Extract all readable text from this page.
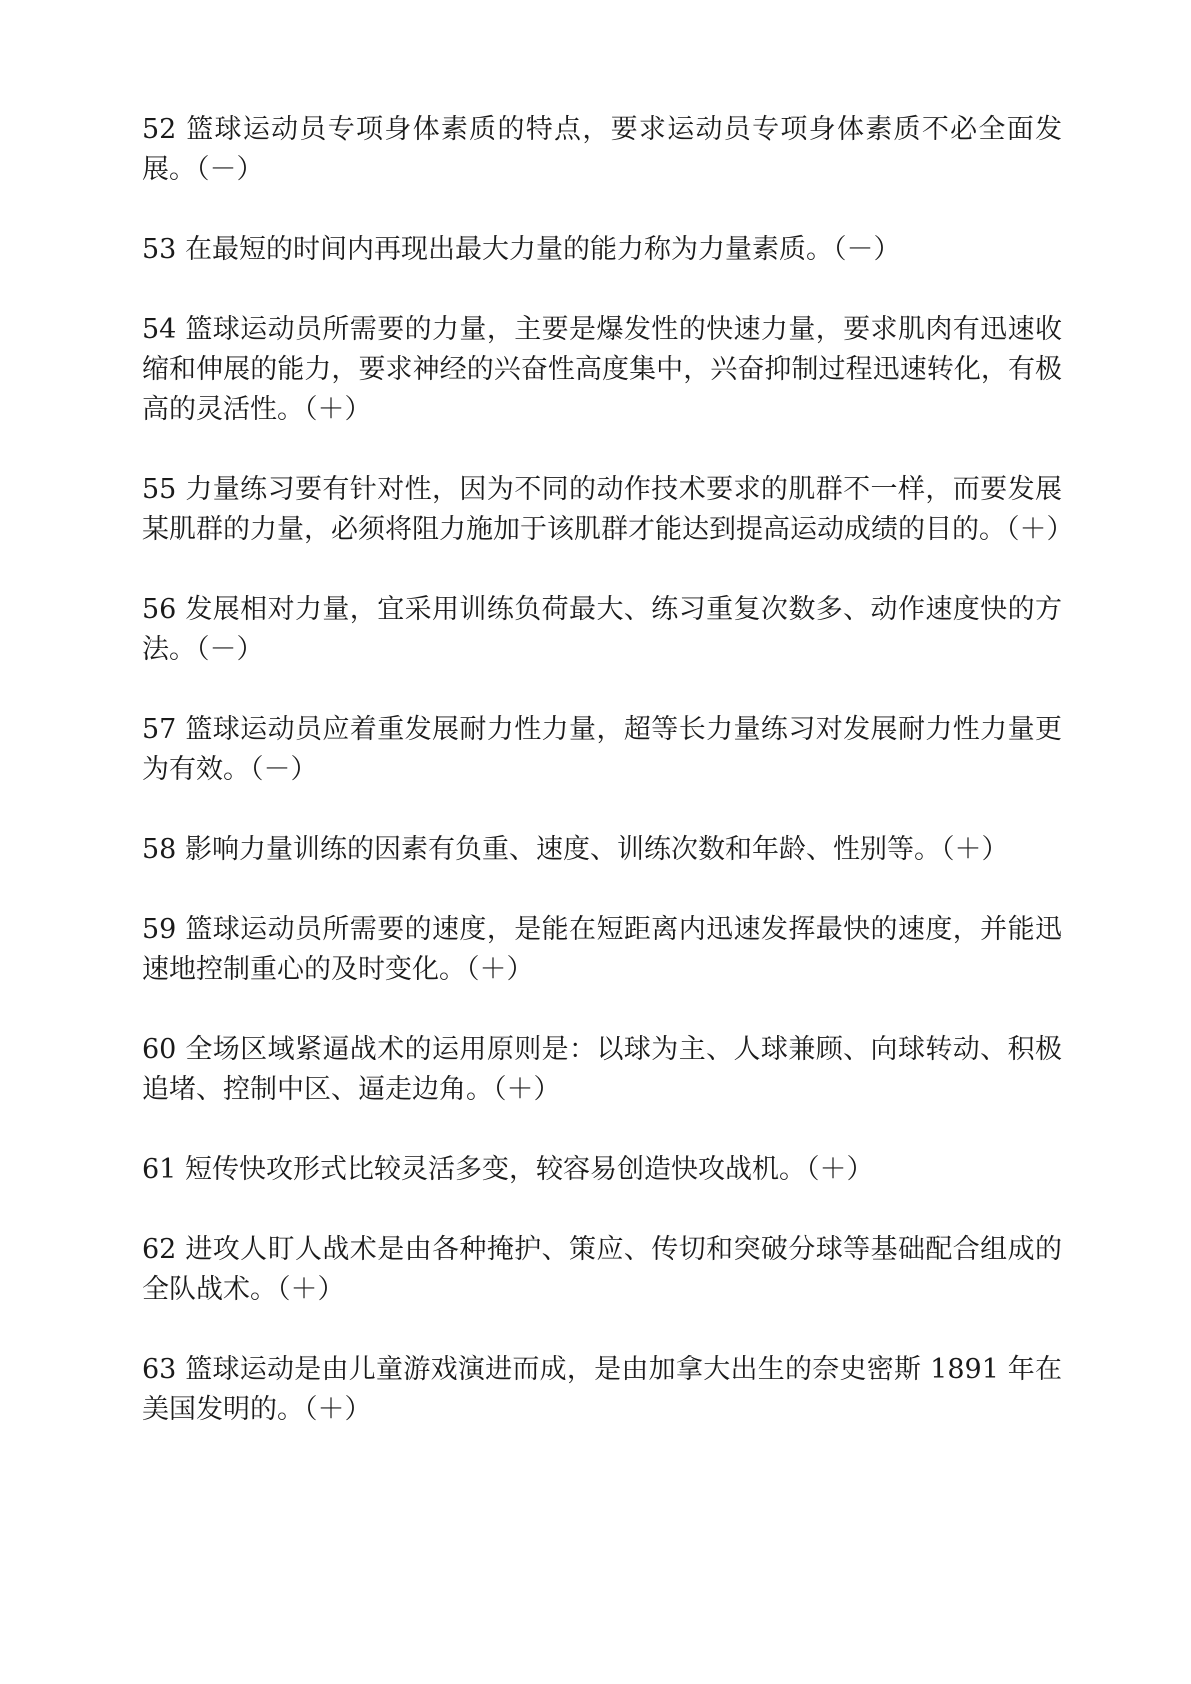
52 篮球运动员专项身体素质的特点，要求运动员专项身体素质不必全面发展。（－）

53 在最短的时间内再现出最大力量的能力称为力量素质。（－）

54 篮球运动员所需要的力量，主要是爆发性的快速力量，要求肌肉有迅速收缩和伸展的能力，要求神经的兴奋性高度集中，兴奋抑制过程迅速转化，有极高的灵活性。（＋）

55 力量练习要有针对性，因为不同的动作技术要求的肌群不一样，而要发展某肌群的力量，必须将阻力施加于该肌群才能达到提高运动成绩的目的。（＋）

56 发展相对力量，宜采用训练负荷最大、练习重复次数多、动作速度快的方法。（－）

57 篮球运动员应着重发展耐力性力量，超等长力量练习对发展耐力性力量更为有效。（－）

58 影响力量训练的因素有负重、速度、训练次数和年龄、性别等。（＋）

59 篮球运动员所需要的速度，是能在短距离内迅速发挥最快的速度，并能迅速地控制重心的及时变化。（＋）

60 全场区域紧逼战术的运用原则是：以球为主、人球兼顾、向球转动、积极追堵、控制中区、逼走边角。（＋）

61 短传快攻形式比较灵活多变，较容易创造快攻战机。（＋）

62 进攻人盯人战术是由各种掩护、策应、传切和突破分球等基础配合组成的全队战术。（＋）

63 篮球运动是由儿童游戏演进而成，是由加拿大出生的奈史密斯 1891 年在美国发明的。（＋）
